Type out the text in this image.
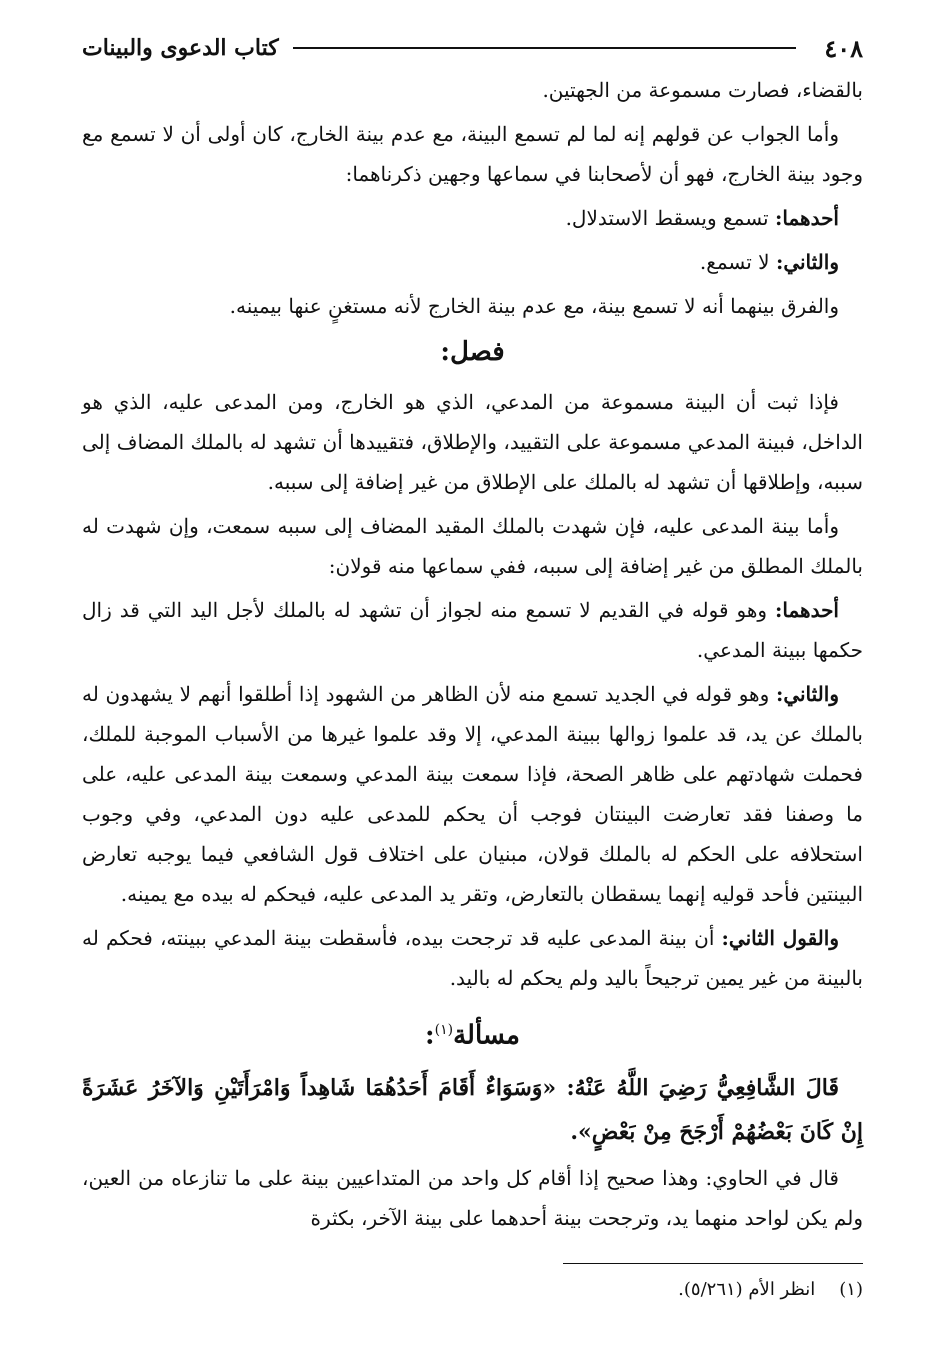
٤٠٨
كتاب الدعوى والبينات

بالقضاء، فصارت مسموعة من الجهتين.

وأما الجواب عن قولهم إنه لما لم تسمع البينة، مع عدم بينة الخارج، كان أولى أن لا تسمع مع وجود بينة الخارج، فهو أن لأصحابنا في سماعها وجهين ذكرناهما:

أحدهما: تسمع ويسقط الاستدلال.

والثاني: لا تسمع.

والفرق بينهما أنه لا تسمع بينة، مع عدم بينة الخارج لأنه مستغنٍ عنها بيمينه.

فصل:

فإذا ثبت أن البينة مسموعة من المدعي، الذي هو الخارج، ومن المدعى عليه، الذي هو الداخل، فبينة المدعي مسموعة على التقييد، والإطلاق، فتقييدها أن تشهد له بالملك المضاف إلى سببه، وإطلاقها أن تشهد له بالملك على الإطلاق من غير إضافة إلى سببه.

وأما بينة المدعى عليه، فإن شهدت بالملك المقيد المضاف إلى سببه سمعت، وإن شهدت له بالملك المطلق من غير إضافة إلى سببه، ففي سماعها منه قولان:

أحدهما: وهو قوله في القديم لا تسمع منه لجواز أن تشهد له بالملك لأجل اليد التي قد زال حكمها ببينة المدعي.

والثاني: وهو قوله في الجديد تسمع منه لأن الظاهر من الشهود إذا أطلقوا أنهم لا يشهدون له بالملك عن يد، قد علموا زوالها ببينة المدعي، إلا وقد علموا غيرها من الأسباب الموجبة للملك، فحملت شهادتهم على ظاهر الصحة، فإذا سمعت بينة المدعي وسمعت بينة المدعى عليه، على ما وصفنا فقد تعارضت البينتان فوجب أن يحكم للمدعى عليه دون المدعي، وفي وجوب استحلافه على الحكم له بالملك قولان، مبنيان على اختلاف قول الشافعي فيما يوجبه تعارض البينتين فأحد قوليه إنهما يسقطان بالتعارض، وتقر يد المدعى عليه، فيحكم له بيده مع يمينه.

والقول الثاني: أن بينة المدعى عليه قد ترجحت بيده، فأسقطت بينة المدعي ببينته، فحكم له بالبينة من غير يمين ترجيحاً باليد ولم يحكم له باليد.

مسألة$^{(١)}$:

قَالَ الشَّافِعِيُّ رَضِيَ اللَّهُ عَنْهُ: «وَسَوَاءٌ أَقَامَ أَحَدُهُمَا شَاهِداً وَامْرَأَتَيْنِ وَالآخَرُ عَشَرَةً إِنْ كَانَ بَعْضُهُمْ أَرْجَحَ مِنْ بَعْضٍ».

قال في الحاوي: وهذا صحيح إذا أقام كل واحد من المتداعيين بينة على ما تنازعاه من العين، ولم يكن لواحد منهما يد، وترجحت بينة أحدهما على بينة الآخر، بكثرة

(١)انظر الأم (٥/٢٦١).
